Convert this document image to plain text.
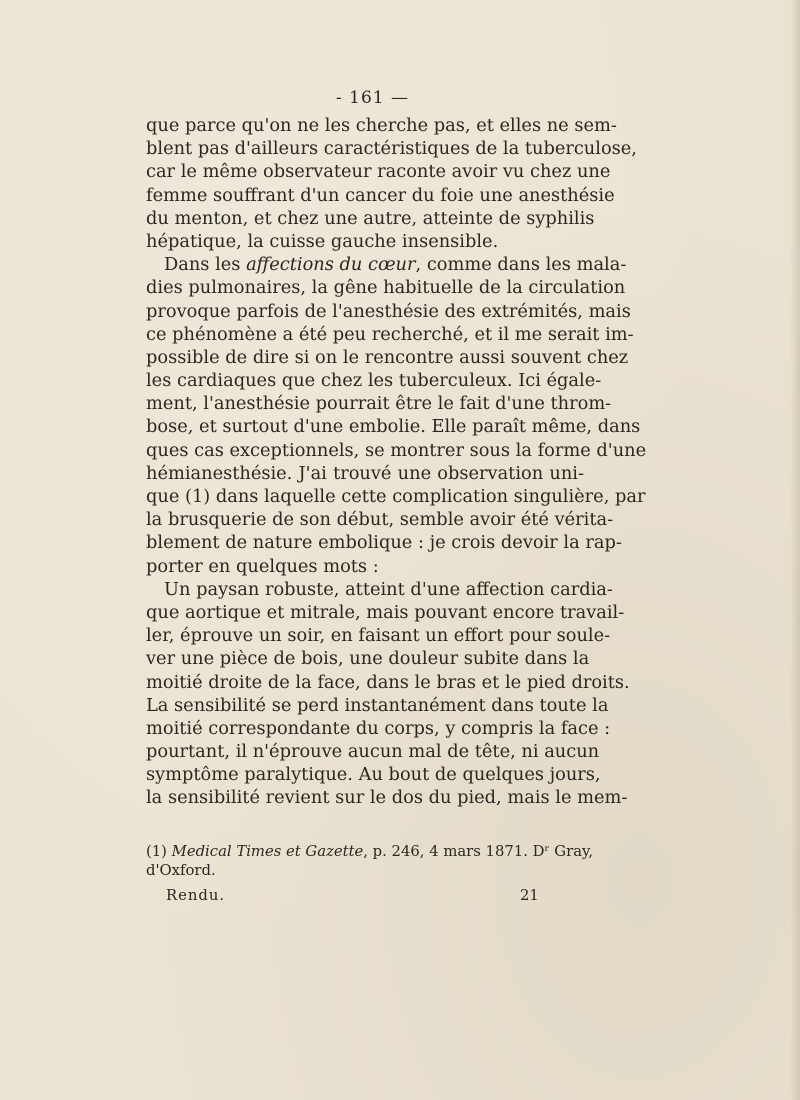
- 161 —
que parce qu'on ne les cherche pas, et elles ne sem-
blent pas d'ailleurs caractéristiques de la tuberculose,
car le même observateur raconte avoir vu chez une
femme souffrant d'un cancer du foie une anesthésie
du menton, et chez une autre, atteinte de syphilis
hépatique, la cuisse gauche insensible.
Dans les affections du cœur, comme dans les mala-
dies pulmonaires, la gêne habituelle de la circulation
provoque parfois de l'anesthésie des extrémités, mais
ce phénomène a été peu recherché, et il me serait im-
possible de dire si on le rencontre aussi souvent chez
les cardiaques que chez les tuberculeux. Ici égale-
ment, l'anesthésie pourrait être le fait d'une throm-
bose, et surtout d'une embolie. Elle paraît même, dans
ques cas exceptionnels, se montrer sous la forme d'une
hémianesthésie. J'ai trouvé une observation uni-
que (1) dans laquelle cette complication singulière, par
la brusquerie de son début, semble avoir été vérita-
blement de nature embolique : je crois devoir la rap-
porter en quelques mots :
Un paysan robuste, atteint d'une affection cardia-
que aortique et mitrale, mais pouvant encore travail-
ler, éprouve un soir, en faisant un effort pour soule-
ver une pièce de bois, une douleur subite dans la
moitié droite de la face, dans le bras et le pied droits.
La sensibilité se perd instantanément dans toute la
moitié correspondante du corps, y compris la face :
pourtant, il n'éprouve aucun mal de tête, ni aucun
symptôme paralytique. Au bout de quelques jours,
la sensibilité revient sur le dos du pied, mais le mem-
(1) Medical Times et Gazette, p. 246, 4 mars 1871. Dʳ Gray,
d'Oxford.
Rendu.	21
